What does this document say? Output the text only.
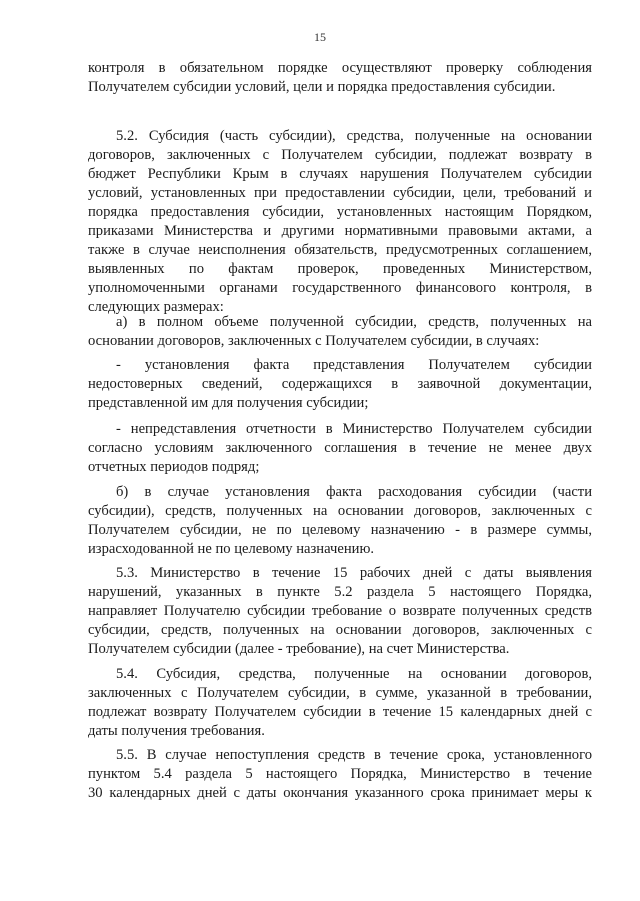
15
контроля в обязательном порядке осуществляют проверку соблюдения
Получателем субсидии условий, цели и порядка предоставления субсидии.
5.2. Субсидия (часть субсидии), средства, полученные на основании
договоров, заключенных с Получателем субсидии, подлежат возврату в
бюджет Республики Крым в случаях нарушения Получателем субсидии
условий, установленных при предоставлении субсидии, цели, требований и
порядка предоставления субсидии, установленных настоящим Порядком,
приказами Министерства и другими нормативными правовыми актами, а
также в случае неисполнения обязательств, предусмотренных соглашением,
выявленных по фактам проверок, проведенных Министерством,
уполномоченными органами государственного финансового контроля, в
следующих размерах:
а) в полном объеме полученной субсидии, средств, полученных на
основании договоров, заключенных с Получателем субсидии, в случаях:
- установления факта представления Получателем субсидии
недостоверных сведений, содержащихся в заявочной документации,
представленной им для получения субсидии;
- непредставления отчетности в Министерство Получателем субсидии
согласно условиям заключенного соглашения в течение не менее двух
отчетных периодов подряд;
б) в случае установления факта расходования субсидии (части
субсидии), средств, полученных на основании договоров, заключенных с
Получателем субсидии, не по целевому назначению - в размере суммы,
израсходованной не по целевому назначению.
5.3. Министерство в течение 15 рабочих дней с даты выявления
нарушений, указанных в пункте 5.2 раздела 5 настоящего Порядка,
направляет Получателю субсидии требование о возврате полученных средств
субсидии, средств, полученных на основании договоров, заключенных с
Получателем субсидии (далее - требование), на счет Министерства.
5.4. Субсидия, средства, полученные на основании договоров,
заключенных с Получателем субсидии, в сумме, указанной в требовании,
подлежат возврату Получателем субсидии в течение 15 календарных дней с
даты получения требования.
5.5. В случае непоступления средств в течение срока, установленного
пунктом 5.4 раздела 5 настоящего Порядка, Министерство в течение
30 календарных дней с даты окончания указанного срока принимает меры к
